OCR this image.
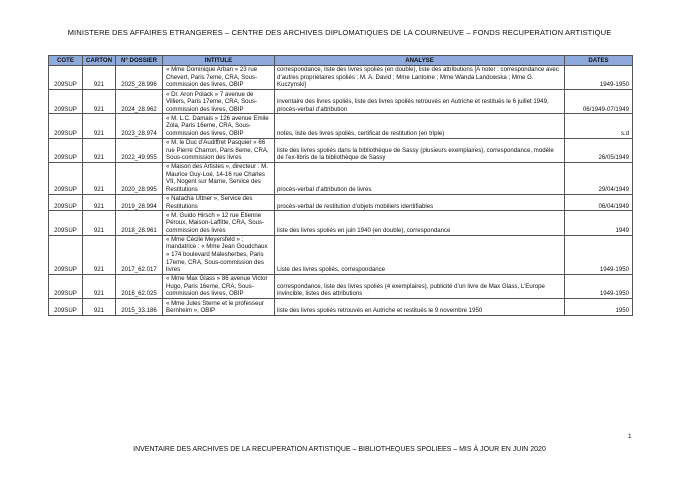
MINISTERE DES AFFAIRES ETRANGERES – CENTRE DES ARCHIVES DIPLOMATIQUES DE LA COURNEUVE – FONDS RECUPERATION ARTISTIQUE
COTE	CARTON	N° DOSSIER	INTITULE	ANALYSE	DATES
209SUP	921	2025_28.996	« Mme Dominique Arban » 23 rue Chevert, Paris 7eme, CRA, Sous-commission des livres, OBIP	correspondance, liste des livres spoliés (en double), liste des attributions [A noter : correspondance avec d’autres propriétaires spoliés : M. A. David ; Mme Lantoine ; Mme Wanda Landowska ; Mme G. Kuczynski]	1949-1950
209SUP	921	2024_28.962	« Dr. Aron Polack » 7 avenue de Villiers, Paris 17eme, CRA, Sous-commission des livres, OBIP	inventaire des livres spoliés, liste des livres spoliés retrouvés en Autriche et restitués le 6 juillet 1949, procès-verbal d’attribution	06/1949-07/1949
209SUP	921	2023_28.974	« M. L.C. Damais » 126 avenue Emile Zola, Paris 16eme, CRA, Sous-commission des livres, OBIP	notes, liste des livres spoliés, certificat de restitution (en triple)	s.d
209SUP	921	2022_49.955	« M. le Duc d’Audiffret Pasquier » 66 rue Pierre Charron, Paris 8eme, CRA, Sous-commission des livres	liste des livres spoliés dans la bibliothèque de Sassy (plusieurs exemplaires), correspondance, modèle de l’ex-libris de la bibliothèque de Sassy	26/05/1949
209SUP	921	2020_28.995	« Maison des Artistes », directeur : M. Maurice Guy-Loé, 14-16 rue Charles VII, Nogent sur Marne, Service des Restitutions	procès-verbal d’attribution de livres	29/04/1949
209SUP	921	2019_28.994	« Natacha Uttner », Service des Restitutions	procès-verbal de restitution d’objets mobiliers identifiables	06/04/1949
209SUP	921	2018_28.961	« M. Guido Hirsch » 12 rue Etienne Péroux, Maison-Laffitte, CRA, Sous-commission des livres	liste des livres spoliés en juin 1940 (en double), correspondance	1949
209SUP	921	2017_62.017	« Mme Cécile Meyersfeld » ; mandatrice : « Mme Jean Goudchaux » 174 boulevard Malesherbes, Paris 17eme, CRA, Sous-commission des livres	Liste des livres spoliés, correspondance	1949-1950
209SUP	921	2016_62.025	« Mme Max Glass » 86 avenue Victor Hugo, Paris 16eme, CRA, Sous-commission des livres, OBIP	correspondance, liste des livres spoliés (4 exemplaires), publicité d’un livre de Max Glass, L’Europe invincible, listes des attributions	1949-1950
209SUP	921	2015_33.186	« Mme Jules Sterne et le professeur Bernheim », OBIP	liste des livres spoliés retrouvés en Autriche et restitués le 9 novembre 1950	1950
1
INVENTAIRE DES ARCHIVES DE LA RECUPERATION ARTISTIQUE – BIBLIOTHEQUES SPOLIEES – MIS À JOUR EN JUIN 2020
